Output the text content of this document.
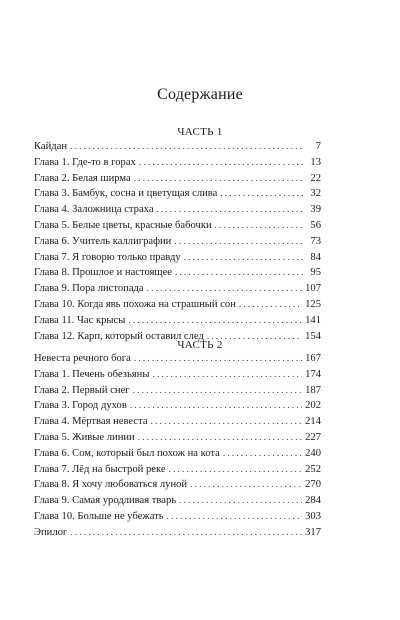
Содержание
ЧАСТЬ 1
Кайдан . . .	7
Глава 1. Где-то в горах . . .	13
Глава 2. Белая ширма . . .	22
Глава 3. Бамбук, сосна и цветущая слива . . .	32
Глава 4. Заложница страха . . .	39
Глава 5. Белые цветы, красные бабочки . . .	56
Глава 6. Учитель каллиграфии . . .	73
Глава 7. Я говорю только правду . . .	84
Глава 8. Прошлое и настоящее . . .	95
Глава 9. Пора листопада . . .	107
Глава 10. Когда явь похожа на страшный сон . . .	125
Глава 11. Час крысы . . .	141
Глава 12. Карп, который оставил след . . .	154
ЧАСТЬ 2
Невеста речного бога . . .	167
Глава 1. Печень обезьяны . . .	174
Глава 2. Первый снег . . .	187
Глава 3. Город духов . . .	202
Глава 4. Мёртвая невеста . . .	214
Глава 5. Живые линии . . .	227
Глава 6. Сом, который был похож на кота . . .	240
Глава 7. Лёд на быстрой реке . . .	252
Глава 8. Я хочу любоваться луной . . .	270
Глава 9. Самая уродливая тварь . . .	284
Глава 10. Больше не убежать . . .	303
Эпилог . . .	317
